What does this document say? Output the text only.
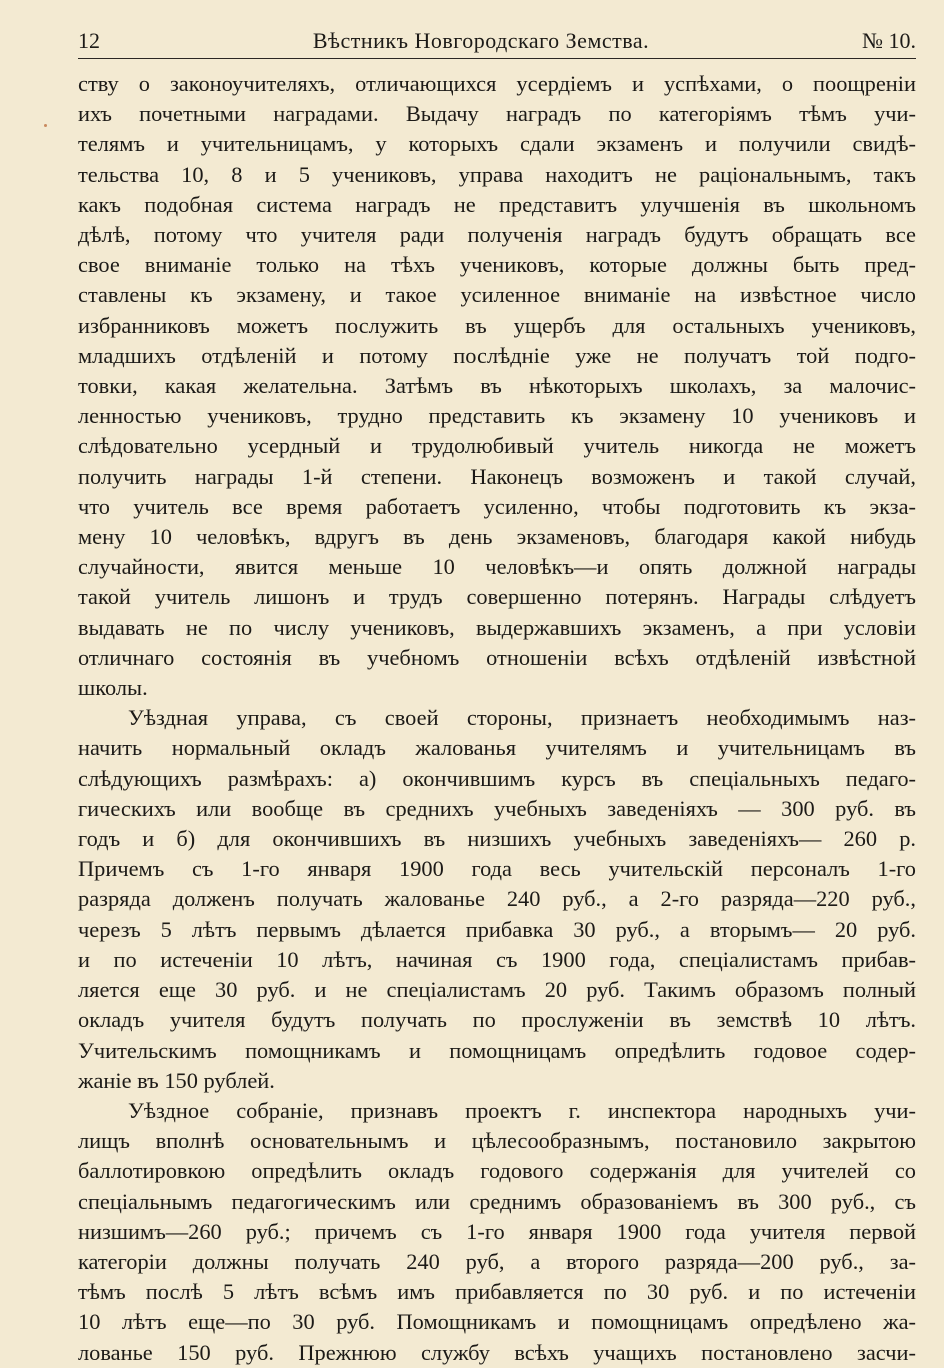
12	Вѣстникъ Новгородскаго Земства.	№ 10.
ству о законоучителяхъ, отличающихся усердіемъ и успѣхами, о поощреніи
ихъ почетными наградами. Выдачу наградъ по категоріямъ тѣмъ учи-
телямъ и учительницамъ, у которыхъ сдали экзаменъ и получили свидѣ-
тельства 10, 8 и 5 учениковъ, управа находитъ не раціональнымъ, такъ
какъ подобная система наградъ не представитъ улучшенія въ школьномъ
дѣлѣ, потому что учителя ради полученія наградъ будутъ обращать все
свое вниманіе только на тѣхъ учениковъ, которые должны быть пред-
ставлены къ экзамену, и такое усиленное вниманіе на извѣстное число
избранниковъ можетъ послужить въ ущербъ для остальныхъ учениковъ,
младшихъ отдѣленій и потому послѣдніе уже не получатъ той подго-
товки, какая желательна. Затѣмъ въ нѣкоторыхъ школахъ, за малочис-
ленностью учениковъ, трудно представить къ экзамену 10 учениковъ и
слѣдовательно усердный и трудолюбивый учитель никогда не можетъ
получить награды 1-й степени. Наконецъ возможенъ и такой случай,
что учитель все время работаетъ усиленно, чтобы подготовить къ экза-
мену 10 человѣкъ, вдругъ въ день экзаменовъ, благодаря какой нибудь
случайности, явится меньше 10 человѣкъ—и опять должной награды
такой учитель лишонъ и трудъ совершенно потерянъ. Награды слѣдуетъ
выдавать не по числу учениковъ, выдержавшихъ экзаменъ, а при условіи
отличнаго состоянія въ учебномъ отношеніи всѣхъ отдѣленій извѣстной
школы.
Уѣздная управа, съ своей стороны, признаетъ необходимымъ наз-
начить нормальный окладъ жалованья учителямъ и учительницамъ въ
слѣдующихъ размѣрахъ: а) окончившимъ курсъ въ спеціальныхъ педаго-
гическихъ или вообще въ среднихъ учебныхъ заведеніяхъ — 300 руб. въ
годъ и б) для окончившихъ въ низшихъ учебныхъ заведеніяхъ— 260 р.
Причемъ съ 1-го января 1900 года весь учительскій персоналъ 1-го
разряда долженъ получать жалованье 240 руб., а 2-го разряда—220 руб.,
черезъ 5 лѣтъ первымъ дѣлается прибавка 30 руб., а вторымъ— 20 руб.
и по истеченіи 10 лѣтъ, начиная съ 1900 года, спеціалистамъ прибав-
ляется еще 30 руб. и не спеціалистамъ 20 руб. Такимъ образомъ полный
окладъ учителя будутъ получать по прослуженіи въ земствѣ 10 лѣтъ.
Учительскимъ помощникамъ и помощницамъ опредѣлить годовое содер-
жаніе въ 150 рублей.
Уѣздное собраніе, признавъ проектъ г. инспектора народныхъ учи-
лищъ вполнѣ основательнымъ и цѣлесообразнымъ, постановило закрытою
баллотировкою опредѣлить окладъ годового содержанія для учителей со
спеціальнымъ педагогическимъ или среднимъ образованіемъ въ 300 руб., съ
низшимъ—260 руб.; причемъ съ 1-го января 1900 года учителя первой
категоріи должны получать 240 руб, а второго разряда—200 руб., за-
тѣмъ послѣ 5 лѣтъ всѣмъ имъ прибавляется по 30 руб. и по истеченіи
10 лѣтъ еще—по 30 руб. Помощникамъ и помощницамъ опредѣлено жа-
лованье 150 руб. Прежнюю службу всѣхъ учащихъ постановлено засчи-
